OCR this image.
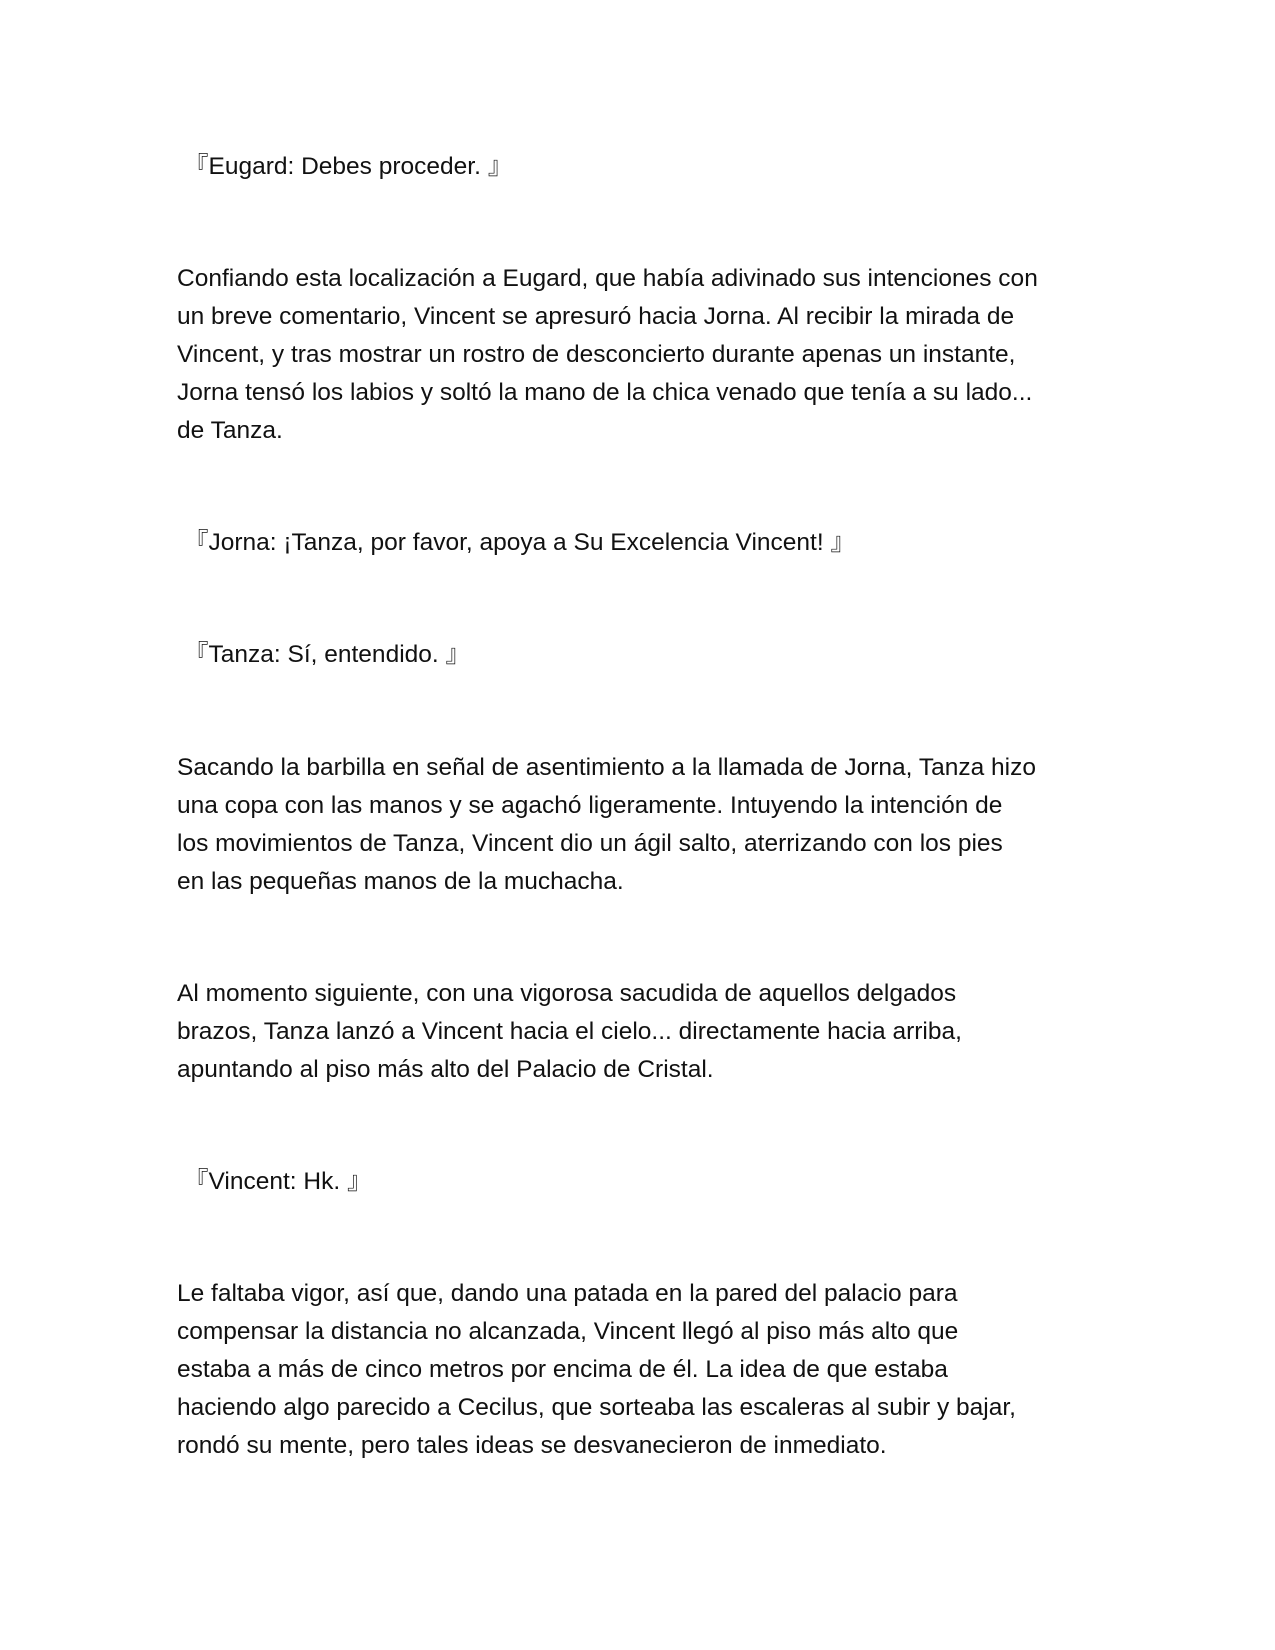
『Eugard: Debes proceder. 』

Confiando esta localización a Eugard, que había adivinado sus intenciones con
un breve comentario, Vincent se apresuró hacia Jorna. Al recibir la mirada de
Vincent, y tras mostrar un rostro de desconcierto durante apenas un instante,
Jorna tensó los labios y soltó la mano de la chica venado que tenía a su lado...
de Tanza.

『Jorna: ¡Tanza, por favor, apoya a Su Excelencia Vincent! 』

『Tanza: Sí, entendido. 』

Sacando la barbilla en señal de asentimiento a la llamada de Jorna, Tanza hizo
una copa con las manos y se agachó ligeramente. Intuyendo la intención de
los movimientos de Tanza, Vincent dio un ágil salto, aterrizando con los pies
en las pequeñas manos de la muchacha.

Al momento siguiente, con una vigorosa sacudida de aquellos delgados
brazos, Tanza lanzó a Vincent hacia el cielo... directamente hacia arriba,
apuntando al piso más alto del Palacio de Cristal.

『Vincent: Hk. 』

Le faltaba vigor, así que, dando una patada en la pared del palacio para
compensar la distancia no alcanzada, Vincent llegó al piso más alto que
estaba a más de cinco metros por encima de él. La idea de que estaba
haciendo algo parecido a Cecilus, que sorteaba las escaleras al subir y bajar,
rondó su mente, pero tales ideas se desvanecieron de inmediato.
